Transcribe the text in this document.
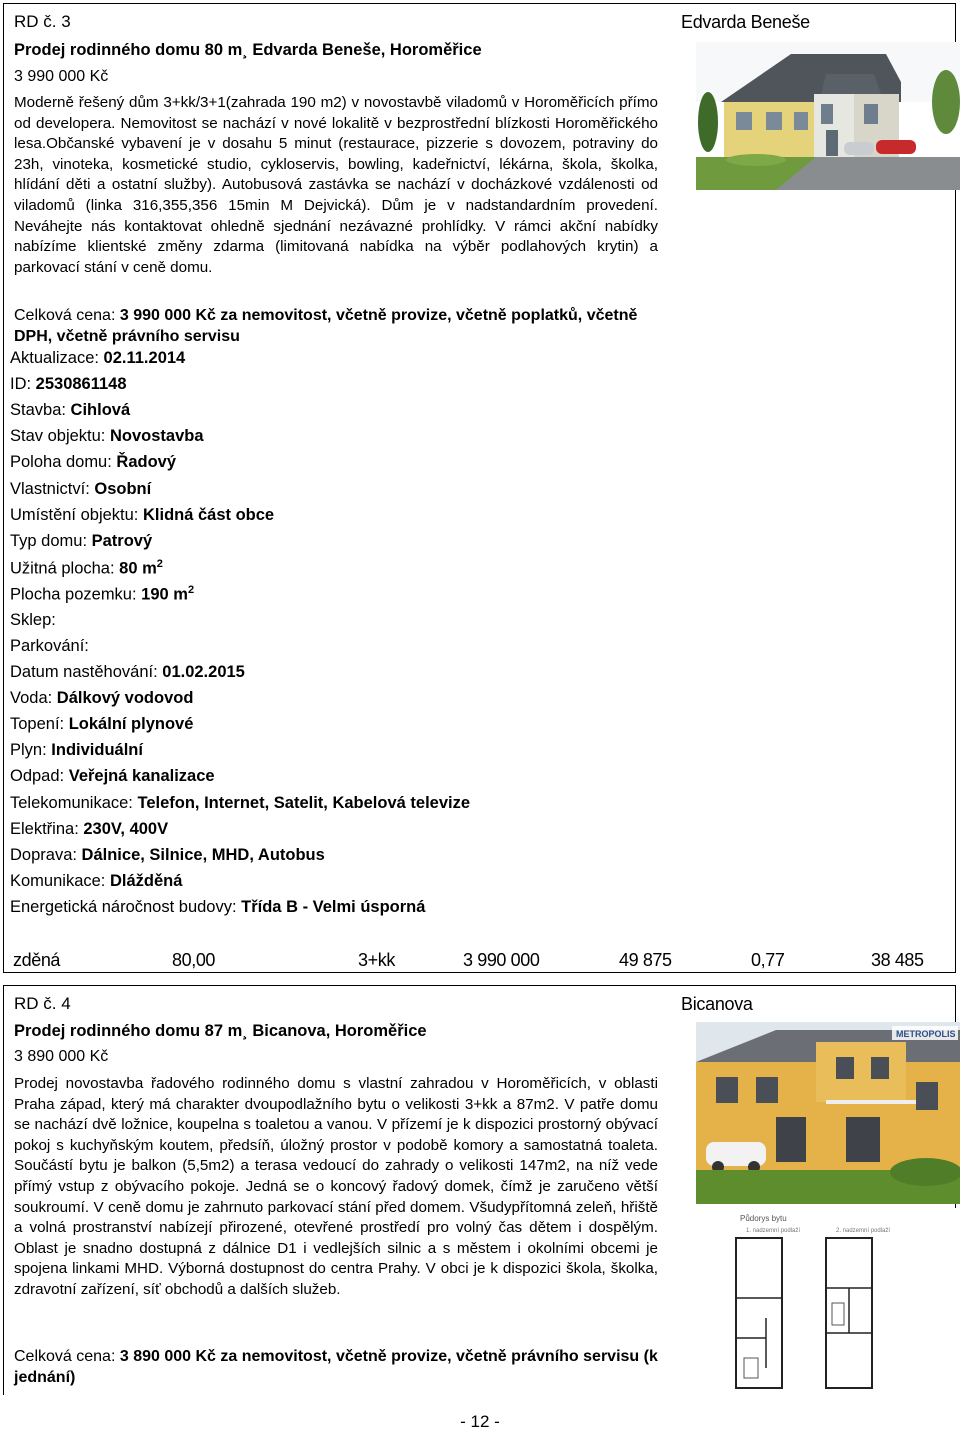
RD č. 3
Prodej rodinného domu 80 m¸ Edvarda Beneše, Horoměřice
3 990 000 Kč
Moderně řešený dům 3+kk/3+1(zahrada 190 m2) v novostavbě viladomů v Horoměřicích přímo od developera. Nemovitost se nachází v nové lokalitě v bezprostřední blízkosti Horoměřického lesa.Občanské vybavení je v dosahu 5 minut (restaurace, pizzerie s dovozem, potraviny do 23h, vinoteka, kosmetické studio, cykloservis, bowling, kadeřnictví, lékárna, škola, školka, hlídání děti a ostatní služby). Autobusová zastávka se nachází v docházkové vzdálenosti od viladomů (linka 316,355,356 15min M Dejvická). Dům je v nadstandardním provedení. Neváhejte nás kontaktovat ohledně sjednání nezávazné prohlídky. V rámci akční nabídky nabízíme klientské změny zdarma (limitovaná nabídka na výběr podlahových krytin) a parkovací stání v ceně domu.
Celková cena: 3 990 000 Kč za nemovitost, včetně provize, včetně poplatků, včetně DPH, včetně právního servisu
Edvarda Beneše
Aktualizace: 02.11.2014
ID: 2530861148
Stavba: Cihlová
Stav objektu: Novostavba
Poloha domu: Řadový
Vlastnictví: Osobní
Umístění objektu: Klidná část obce
Typ domu: Patrový
Užitná plocha: 80 $m^2$
Plocha pozemku: 190 $m^2$
Sklep:
Parkování:
Datum nastěhování: 01.02.2015
Voda: Dálkový vodovod
Topení: Lokální plynové
Plyn: Individuální
Odpad: Veřejná kanalizace
Telekomunikace: Telefon, Internet, Satelit, Kabelová televize
Elektřina: 230V, 400V
Doprava: Dálnice, Silnice, MHD, Autobus
Komunikace: Dlážděná
Energetická náročnost budovy: Třída B - Velmi úsporná
zděná	80,00	3+kk	3 990 000	49 875	0,77	38 485
RD č. 4
Prodej rodinného domu 87 m¸ Bicanova, Horoměřice
3 890 000 Kč
Prodej novostavba řadového rodinného domu s vlastní zahradou v Horoměřicích, v oblasti Praha západ, který má charakter dvoupodlažního bytu o velikosti 3+kk a 87m2. V patře domu se nachází dvě ložnice, koupelna s toaletou a vanou. V přízemí je k dispozici prostorný obývací pokoj s kuchyňským koutem, předsíň, úložný prostor v podobě komory a samostatná toaleta. Součástí bytu je balkon (5,5m2) a terasa vedoucí do zahrady o velikosti 147m2, na níž vede přímý vstup z obývacího pokoje. Jedná se o koncový řadový domek, čímž je zaručeno větší soukroumí. V ceně domu je zahrnuto parkovací stání před domem. Všudypřítomná zeleň, hřiště a volná prostranství nabízejí přirozené, otevřené prostředí pro volný čas dětem i dospělým. Oblast je snadno dostupná z dálnice D1 i vedlejších silnic a s městem i okolními obcemi je spojena linkami MHD. Výborná dostupnost do centra Prahy. V obci je k dispozici škola, školka, zdravotní zařízení, síť obchodů a dalších služeb.
Celková cena: 3 890 000 Kč za nemovitost, včetně provize, včetně právního servisu (k jednání)
Bicanova
METROPOLIS
Půdorys bytu
1. nadzemní podlaží	2. nadzemní podlaží
- 12 -
